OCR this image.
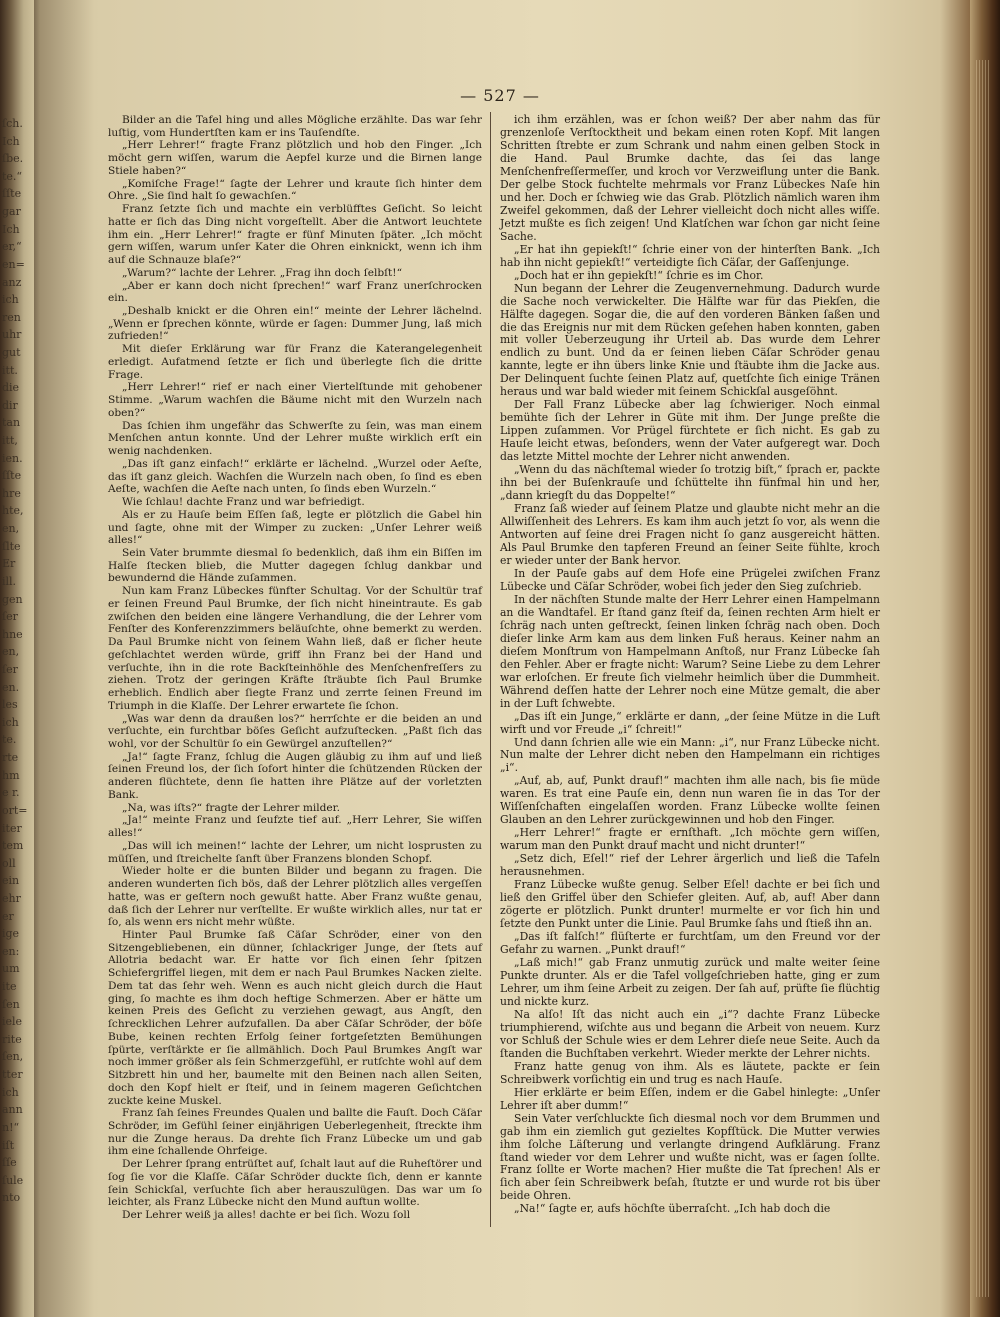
ſch.
Ich
ſbe.
te.“
ſſte
gar
Ich
er,“
en=
anz
ich
ren
uhr
gut
itt.
die
dir
tan
itt,
ien.
ſſte
hre
hte,
en,
ſlte
Er
ill.
gen
ſer
hne
en,
ſer
en.
les
ich
te.
rte
hm
e r.
ort=
iter
tem
oll
ein
ehr
er
ige
en:
um
ite
ſen
iele
rite
ſen,
tter
ich
ann
n!“
iſt
ſſe
ſule
nto
— 527 —

Bilder an die Tafel hing und alles Mögliche erzählte. Das war ſehr luſtig, vom Hundertſten kam er ins Tauſendſte.

„Herr Lehrer!“ fragte Franz plötzlich und hob den Finger. „Ich möcht gern wiſſen, warum die Aepfel kurze und die Birnen lange Stiele haben?“

„Komiſche Frage!“ ſagte der Lehrer und kraute ſich hinter dem Ohre. „Sie ſind halt ſo gewachſen.“

Franz ſetzte ſich und machte ein verblüfftes Geſicht. So leicht hatte er ſich das Ding nicht vorgeſtellt. Aber die Antwort leuchtete ihm ein. „Herr Lehrer!“ fragte er fünf Minuten ſpäter. „Ich möcht gern wiſſen, warum unſer Kater die Ohren einknickt, wenn ich ihm auf die Schnauze blaſe?“

„Warum?“ lachte der Lehrer. „Frag ihn doch ſelbſt!“

„Aber er kann doch nicht ſprechen!“ warf Franz unerſchrocken ein.

„Deshalb knickt er die Ohren ein!“ meinte der Lehrer lächelnd. „Wenn er ſprechen könnte, würde er ſagen: Dummer Jung, laß mich zufrieden!“

Mit dieſer Erklärung war für Franz die Katerangelegenheit erledigt. Aufatmend ſetzte er ſich und überlegte ſich die dritte Frage.

„Herr Lehrer!“ rief er nach einer Viertelſtunde mit gehobener Stimme. „Warum wachſen die Bäume nicht mit den Wurzeln nach oben?“

Das ſchien ihm ungefähr das Schwerſte zu ſein, was man einem Menſchen antun konnte. Und der Lehrer mußte wirklich erſt ein wenig nachdenken.

„Das iſt ganz einfach!“ erklärte er lächelnd. „Wurzel oder Aeſte, das iſt ganz gleich. Wachſen die Wurzeln nach oben, ſo ſind es eben Aeſte, wachſen die Aeſte nach unten, ſo ſinds eben Wurzeln.“

Wie ſchlau! dachte Franz und war befriedigt.

Als er zu Hauſe beim Eſſen ſaß, legte er plötzlich die Gabel hin und ſagte, ohne mit der Wimper zu zucken: „Unſer Lehrer weiß alles!“

Sein Vater brummte diesmal ſo bedenklich, daß ihm ein Biſſen im Halſe ſtecken blieb, die Mutter dagegen ſchlug dankbar und bewundernd die Hände zuſammen.

Nun kam Franz Lübeckes fünfter Schultag. Vor der Schultür traf er ſeinen Freund Paul Brumke, der ſich nicht hineintraute. Es gab zwiſchen den beiden eine längere Verhandlung, die der Lehrer vom Fenſter des Konferenzzimmers beläuſchte, ohne bemerkt zu werden. Da Paul Brumke nicht von ſeinem Wahn ließ, daß er ſicher heute geſchlachtet werden würde, griff ihn Franz bei der Hand und verſuchte, ihn in die rote Backſteinhöhle des Menſchenfreſſers zu ziehen. Trotz der geringen Kräfte ſträubte ſich Paul Brumke erheblich. Endlich aber ſiegte Franz und zerrte ſeinen Freund im Triumph in die Klaſſe. Der Lehrer erwartete ſie ſchon.

„Was war denn da draußen los?“ herrſchte er die beiden an und verſuchte, ein furchtbar böſes Geſicht aufzuſtecken. „Paßt ſich das wohl, vor der Schultür ſo ein Gewürgel anzuſtellen?“

„Ja!“ ſagte Franz, ſchlug die Augen gläubig zu ihm auf und ließ ſeinen Freund los, der ſich ſofort hinter die ſchützenden Rücken der anderen flüchtete, denn ſie hatten ihre Plätze auf der vorletzten Bank.

„Na, was iſts?“ fragte der Lehrer milder.

„Ja!“ meinte Franz und ſeufzte tief auf. „Herr Lehrer, Sie wiſſen alles!“

„Das will ich meinen!“ lachte der Lehrer, um nicht losprusten zu müſſen, und ſtreichelte ſanft über Franzens blonden Schopf.

Wieder holte er die bunten Bilder und begann zu fragen. Die anderen wunderten ſich bös, daß der Lehrer plötzlich alles vergeſſen hatte, was er geſtern noch gewußt hatte. Aber Franz wußte genau, daß ſich der Lehrer nur verſtellte. Er wußte wirklich alles, nur tat er ſo, als wenn ers nicht mehr wüßte.

Hinter Paul Brumke ſaß Cäſar Schröder, einer von den Sitzengebliebenen, ein dünner, ſchlackriger Junge, der ſtets auf Allotria bedacht war. Er hatte vor ſich einen ſehr ſpitzen Schiefergriffel liegen, mit dem er nach Paul Brumkes Nacken zielte. Dem tat das ſehr weh. Wenn es auch nicht gleich durch die Haut ging, ſo machte es ihm doch heftige Schmerzen. Aber er hätte um keinen Preis des Geſicht zu verziehen gewagt, aus Angſt, den ſchrecklichen Lehrer aufzufallen. Da aber Cäſar Schröder, der böſe Bube, keinen rechten Erfolg ſeiner fortgeſetzten Bemühungen ſpürte, verſtärkte er ſie allmählich. Doch Paul Brumkes Angſt war noch immer größer als ſein Schmerzgefühl, er rutſchte wohl auf dem Sitzbrett hin und her, baumelte mit den Beinen nach allen Seiten, doch den Kopf hielt er ſteif, und in ſeinem mageren Geſichtchen zuckte keine Muskel.

Franz ſah ſeines Freundes Qualen und ballte die Fauſt. Doch Cäſar Schröder, im Gefühl ſeiner einjährigen Ueberlegenheit, ſtreckte ihm nur die Zunge heraus. Da drehte ſich Franz Lübecke um und gab ihm eine ſchallende Ohrfeige.

Der Lehrer ſprang entrüſtet auf, ſchalt laut auf die Ruheſtörer und ſog ſie vor die Klaſſe. Cäſar Schröder duckte ſich, denn er kannte ſein Schickſal, verſuchte ſich aber herauszulügen. Das war um ſo leichter, als Franz Lübecke nicht den Mund auftun wollte.

Der Lehrer weiß ja alles! dachte er bei ſich. Wozu ſoll

ich ihm erzählen, was er ſchon weiß? Der aber nahm das für grenzenloſe Verſtocktheit und bekam einen roten Kopf. Mit langen Schritten ſtrebte er zum Schrank und nahm einen gelben Stock in die Hand. Paul Brumke dachte, das ſei das lange Menſchenfreſſermeſſer, und kroch vor Verzweiflung unter die Bank. Der gelbe Stock fuchtelte mehrmals vor Franz Lübeckes Naſe hin und her. Doch er ſchwieg wie das Grab. Plötzlich nämlich waren ihm Zweifel gekommen, daß der Lehrer vielleicht doch nicht alles wiſſe. Jetzt mußte es ſich zeigen! Und Klatſchen war ſchon gar nicht ſeine Sache.

„Er hat ihn gepiekſt!“ ſchrie einer von der hinterſten Bank. „Ich hab ihn nicht gepiekſt!“ verteidigte ſich Cäſar, der Gaſſenjunge.

„Doch hat er ihn gepiekſt!“ ſchrie es im Chor.

Nun begann der Lehrer die Zeugenvernehmung. Dadurch wurde die Sache noch verwickelter. Die Hälfte war für das Piekſen, die Hälfte dagegen. Sogar die, die auf den vorderen Bänken ſaßen und die das Ereignis nur mit dem Rücken geſehen haben konnten, gaben mit voller Ueberzeugung ihr Urteil ab. Das wurde dem Lehrer endlich zu bunt. Und da er ſeinen lieben Cäſar Schröder genau kannte, legte er ihn übers linke Knie und ſtäubte ihm die Jacke aus. Der Delinquent ſuchte ſeinen Platz auf, quetſchte ſich einige Tränen heraus und war bald wieder mit ſeinem Schickſal ausgeſöhnt.

Der Fall Franz Lübecke aber lag ſchwieriger. Noch einmal bemühte ſich der Lehrer in Güte mit ihm. Der Junge preßte die Lippen zuſammen. Vor Prügel fürchtete er ſich nicht. Es gab zu Hauſe leicht etwas, beſonders, wenn der Vater aufgeregt war. Doch das letzte Mittel mochte der Lehrer nicht anwenden.

„Wenn du das nächſtemal wieder ſo trotzig biſt,“ ſprach er, packte ihn bei der Buſenkrauſe und ſchüttelte ihn fünfmal hin und her, „dann kriegſt du das Doppelte!“

Franz ſaß wieder auf ſeinem Platze und glaubte nicht mehr an die Allwiſſenheit des Lehrers. Es kam ihm auch jetzt ſo vor, als wenn die Antworten auf ſeine drei Fragen nicht ſo ganz ausgereicht hätten. Als Paul Brumke den tapferen Freund an ſeiner Seite fühlte, kroch er wieder unter der Bank hervor.

In der Pauſe gabs auf dem Hofe eine Prügelei zwiſchen Franz Lübecke und Cäſar Schröder, wobei ſich jeder den Sieg zuſchrieb.

In der nächſten Stunde malte der Herr Lehrer einen Hampelmann an die Wandtafel. Er ſtand ganz ſteif da, ſeinen rechten Arm hielt er ſchräg nach unten geſtreckt, ſeinen linken ſchräg nach oben. Doch dieſer linke Arm kam aus dem linken Fuß heraus. Keiner nahm an dieſem Monſtrum von Hampelmann Anſtoß, nur Franz Lübecke ſah den Fehler. Aber er fragte nicht: Warum? Seine Liebe zu dem Lehrer war erloſchen. Er freute ſich vielmehr heimlich über die Dummheit. Während deſſen hatte der Lehrer noch eine Mütze gemalt, die aber in der Luft ſchwebte.

„Das iſt ein Junge,“ erklärte er dann, „der ſeine Mütze in die Luft wirft und vor Freude „i“ ſchreit!“

Und dann ſchrien alle wie ein Mann: „i“, nur Franz Lübecke nicht. Nun malte der Lehrer dicht neben den Hampelmann ein richtiges „i“.

„Auf, ab, auf, Punkt drauf!“ machten ihm alle nach, bis ſie müde waren. Es trat eine Pauſe ein, denn nun waren ſie in das Tor der Wiſſenſchaften eingelaſſen worden. Franz Lübecke wollte ſeinen Glauben an den Lehrer zurückgewinnen und hob den Finger.

„Herr Lehrer!“ fragte er ernſthaft. „Ich möchte gern wiſſen, warum man den Punkt drauf macht und nicht drunter!“

„Setz dich, Eſel!“ rief der Lehrer ärgerlich und ließ die Tafeln herausnehmen.

Franz Lübecke wußte genug. Selber Eſel! dachte er bei ſich und ließ den Griffel über den Schiefer gleiten. Auf, ab, auf! Aber dann zögerte er plötzlich. Punkt drunter! murmelte er vor ſich hin und ſetzte den Punkt unter die Linie. Paul Brumke ſahs und ſtieß ihn an.

„Das iſt falſch!“ flüſterte er furchtſam, um den Freund vor der Gefahr zu warnen. „Punkt drauf!“

„Laß mich!“ gab Franz unmutig zurück und malte weiter ſeine Punkte drunter. Als er die Tafel vollgeſchrieben hatte, ging er zum Lehrer, um ihm ſeine Arbeit zu zeigen. Der ſah auf, prüfte ſie flüchtig und nickte kurz.

Na alſo! Iſt das nicht auch ein „i“? dachte Franz Lübecke triumphierend, wiſchte aus und begann die Arbeit von neuem. Kurz vor Schluß der Schule wies er dem Lehrer dieſe neue Seite. Auch da ſtanden die Buchſtaben verkehrt. Wieder merkte der Lehrer nichts.

Franz hatte genug von ihm. Als es läutete, packte er ſein Schreibwerk vorſichtig ein und trug es nach Hauſe.

Hier erklärte er beim Eſſen, indem er die Gabel hinlegte: „Unſer Lehrer iſt aber dumm!“

Sein Vater verſchluckte ſich diesmal noch vor dem Brummen und gab ihm ein ziemlich gut gezieltes Kopfſtück. Die Mutter verwies ihm ſolche Läſterung und verlangte dringend Aufklärung. Franz ſtand wieder vor dem Lehrer und wußte nicht, was er ſagen ſollte. Franz ſollte er Worte machen? Hier mußte die Tat ſprechen! Als er ſich aber ſein Schreibwerk beſah, ſtutzte er und wurde rot bis über beide Ohren.

„Na!“ ſagte er, aufs höchſte überraſcht. „Ich hab doch die
